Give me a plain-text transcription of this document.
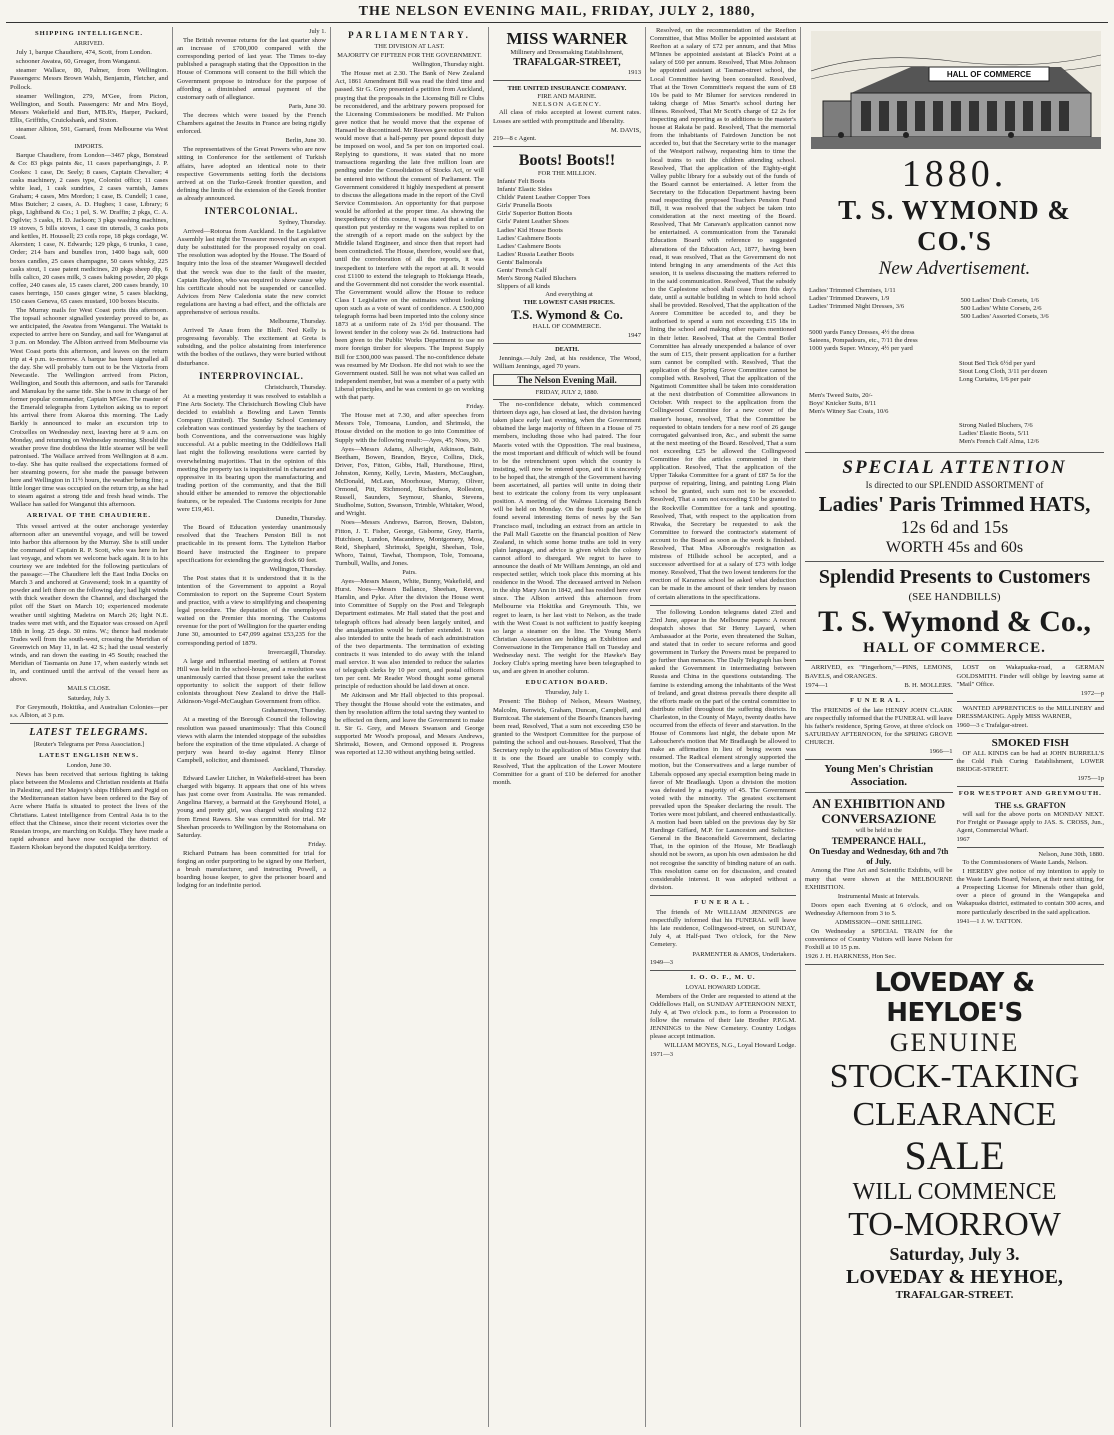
THE NELSON EVENING MAIL, FRIDAY, JULY 2, 1880,
SHIPPING INTELLIGENCE.
ARRIVED.

July 1, barque Chaudiere, 474, Scott, from London.

schooner Awatea, 60, Greager, from Wanganui.

steamer Wallace, 80, Palmer, from Wellington. Passengers: Messrs Brown Walsh, Benjamin, Fletcher, and Pollock.

steamer Wellington, 279, M'Gee, from Picton, Wellington, and South. Passengers: Mr and Mrs Boyd, Messrs Wakefield and Burt, M'B.R's, Harper, Packard, Ellis, Griffiths, Cruickshank, and Sixton.

steamer Albion, 591, Garrard, from Melbourne via West Coast.

IMPORTS.

Barque Chaudiere, from London—3467 pkgs, Bonstead & Co: 83 pkgs paints &c, 11 cases paperhangings, J. P. Cookes: 1 case, Dr. Seely; 8 cases, Captain Chevalier; 4 casks machinery, 2 cases type, Colonist office; 11 cases white lead, 1 cask sundries, 2 cases varnish, James Graham; 4 cases, Mrs Mordon; 1 case, B. Cundell; 1 case, Miss Butcher; 2 cases, A. D. Hughes; 1 case, Library; 6 pkgs, Lightband & Co.; 1 pel, S. W. Draffin; 2 pkgs, C. A. Ogilvie; 3 casks, H. D. Jackson; 3 pkgs washing machines, 19 stoves, 5 bills stoves, 1 case tin utensils, 3 casks pots and kettles, H. Houssell; 23 coils rope, 18 pkgs cordage, W. Akersten; 1 case, N. Edwards; 129 pkgs, 6 trunks, 1 case, Order; 214 bars and bundles iron, 1400 bags salt, 600 boxes candles, 25 cases champagne, 50 cases whisky, 225 casks stout, 1 case patent medicines, 20 pkgs sheep dip, 6 bills calico, 20 cases milk, 3 cases baking powder, 20 pkgs coffee, 240 cases ale, 15 cases claret, 200 cases brandy, 10 cases herrings, 150 cases ginger wine, 5 cases blacking, 150 cases Geneva, 65 cases mustard, 100 boxes biscuits.

The Murray mails for West Coast ports this afternoon. The topsail schooner signalled yesterday proved to be, as we anticipated, the Awatea from Wanganui. The Waitaki is expected to arrive here on Sunday, and sail for Wanganui at 3 p.m. on Monday. The Albion arrived from Melbourne via West Coast ports this afternoon, and leaves on the return trip at 4 p.m. to-morrow. A barque has been signalled all the day. She will probably turn out to be the Victoria from Newcastle. The Wellington arrived from Picton, Wellington, and South this afternoon, and sails for Taranaki and Manukau by the same tide. She is now in charge of her former popular commander, Captain M'Gee. The master of the Emerald telegraphs from Lyttelton asking us to report his arrival there from Akaroa this morning. The Lady Barkly is announced to make an excursion trip to Croixelles on Wednesday next, leaving here at 9 a.m. on Monday, and returning on Wednesday morning. Should the weather prove fine doubtless the little steamer will be well patronised. The Wallace arrived from Wellington at 8 a.m. to-day. She has quite realised the expectations formed of her steaming powers, for she made the passage between here and Wellington in 11½ hours, the weather being fine; a little longer time was occupied on the return trip, as she had to steam against a strong tide and fresh head winds. The Wallace has sailed for Wanganui this afternoon.

ARRIVAL OF THE CHAUDIERE.

This vessel arrived at the outer anchorage yesterday afternoon after an uneventful voyage, and will be towed into harbor this afternoon by the Murray. She is still under the command of Captain R. P. Scott, who was here in her last voyage, and whom we welcome back again. It is to his courtesy we are indebted for the following particulars of the passage:—The Chaudiere left the East India Docks on March 3 and anchored at Gravesend; took in a quantity of powder and left there on the following day; had light winds with thick weather down the Channel, and discharged the pilot off the Start on March 10; experienced moderate weather until sighting Madeira on March 26; light N.E. trades were met with, and the Equator was crossed on April 18th in long. 25 degs. 30 mins. W.; thence had moderate Trades well from the south-west, crossing the Meridian of Greenwich on May 11, in lat. 42 S.; had the usual westerly winds, and ran down the easting in 45 South; reached the Meridian of Tasmania on June 17, when easterly winds set in, and continued until the arrival of the vessel here as above.

MAILS CLOSE.
Saturday, July 3.

For Greymouth, Hokitika, and Australian Colonies—per s.s. Albion, at 3 p.m.

LATEST TELEGRAMS.
[Reuter's Telegrams per Press Association.]
LATEST ENGLISH NEWS.
London, June 30.

News has been received that serious fighting is taking place between the Moslems and Christian residents at Haifa in Palestine, and Her Majesty's ships Hibbern and Pegid on the Mediterranean station have been ordered to the Bay of Acre where Haifa is situated to protect the lives of the Christians. Latest intelligence from Central Asia is to the effect that the Chinese, since their recent victories over the Russian troops, are marching on Kuldja. They have made a rapid advance and have now occupied the district of Eastern Khokan beyond the disputed Kuldja territory.

July 1.

The British revenue returns for the last quarter show an increase of £700,000 compared with the corresponding period of last year. The Times to-day published a paragraph stating that the Opposition in the House of Commons will consent to the Bill which the Government propose to introduce for the purpose of affording a diminished annual payment of the customary oath of allegiance.

Paris, June 30.

The decrees which were issued by the French Chambers against the Jesuits in France are being rigidly enforced.

Berlin, June 30.

The representatives of the Great Powers who are now sitting in Conference for the settlement of Turkish affairs, have adopted an identical note to their respective Governments setting forth the decisions arrived at on the Turko-Greek frontier question, and defining the limits of the extension of the Greek frontier as already announced.

INTERCOLONIAL.
Sydney, Thursday.

Arrived—Rotorua from Auckland. In the Legislative Assembly last night the Treasurer moved that an export duty be substituted for the proposed royalty on coal. The resolution was adopted by the House. The Board of Inquiry into the loss of the steamer Waugawell decided that the wreck was due to the fault of the master, Captain Bayldon, who was required to show cause why his certificate should not be suspended or cancelled. Advices from New Caledonia state the new convict regulations are having a bad effect, and the officials are apprehensive of serious results.

Melbourne, Thursday.

Arrived Te Anau from the Bluff. Ned Kelly is progressing favorably. The excitement at Greta is subsiding, and the police abstaining from interference with the bodies of the outlaws, they were buried without disturbance.

INTERPROVINCIAL.
Christchurch, Thursday.

At a meeting yesterday it was resolved to establish a Fine Arts Society. The Christchurch Bowling Club have decided to establish a Bowling and Lawn Tennis Company (Limited). The Sunday School Centenary celebration was continued yesterday by the teachers of both Conventions, and the conversazione was highly successful. At a public meeting in the Oddfellows Hall last night the following resolutions were carried by overwhelming majorities. That in the opinion of this meeting the property tax is inquisitorial in character and oppressive in its bearing upon the manufacturing and trading portion of the community, and that the Bill should either be amended to remove the objectionable features, or be repealed. The Customs receipts for June were £19,461.

Dunedin, Thursday.

The Board of Education yesterday unanimously resolved that the Teachers Pension Bill is not practicable in its present form. The Lyttelton Harbor Board have instructed the Engineer to prepare specifications for extending the graving dock 60 feet.

Wellington, Thursday.

The Post states that it is understood that it is the intention of the Government to appoint a Royal Commission to report on the Supreme Court System and practice, with a view to simplifying and cheapening legal procedure. The deputation of the unemployed waited on the Premier this morning. The Customs revenue for the port of Wellington for the quarter ending June 30, amounted to £47,099 against £53,235 for the corresponding period of 1879.

Invercargill, Thursday.

A large and influential meeting of settlers at Forest Hill was held in the school-house, and a resolution was unanimously carried that those present take the earliest opportunity to solicit the support of their fellow colonists throughout New Zealand to drive the Hall-Atkinson-Vogel-McCaughan Government from office.

Grahamstown, Thursday.

At a meeting of the Borough Council the following resolution was passed unanimously: That this Council views with alarm the intended stoppage of the subsidies before the expiration of the time stipulated. A charge of perjury was heard to-day against Henry Elinor Campbell, solicitor, and dismissed.

Auckland, Thursday.

Edward Lawler Litcher, in Wakefield-street has been charged with bigamy. It appears that one of his wives has just come over from Australia. He was remanded. Angelina Harvey, a barmaid at the Greyhound Hotel, a young and pretty girl, was charged with stealing £12 from Ernest Rawes. She was committed for trial. Mr Sheehan proceeds to Wellington by the Rotomahana on Saturday.

Friday.

Richard Putnam has been committed for trial for forging an order purporting to be signed by one Herbert, a brush manufacturer, and instructing Powell, a boarding house keeper, to give the prisoner board and lodging for an indefinite period.

PARLIAMENTARY.
THE DIVISION AT LAST.
MAJORITY OF FIFTEEN FOR THE GOVERNMENT.
Wellington, Thursday night.

The House met at 2.30. The Bank of New Zealand Act, 1861 Amendment Bill was read the third time and passed. Sir G. Grey presented a petition from Auckland, praying that the proposals in the Licensing Bill re Clubs be reconsidered, and the arbitrary powers proposed for the Licensing Commissioners be modified. Mr Fulton gave notice that he would move that the expense of Hansard be discontinued. Mr Reeves gave notice that he would move that a half-penny per pound deposit duty be imposed on wool, and 5s per ton on imported coal. Replying to questions, it was stated that no more transactions regarding the late five million loan are pending under the Consolidation of Stocks Act, or will be entered into without the consent of Parliament. The Government considered it highly inexpedient at present to discuss the allegations made in the report of the Civil Service Commission. An opportunity for that purpose would be afforded at the proper time. As showing the inexpediency of this course, it was stated that a similar question put yesterday re the wagons was replied to on the strength of a report made on the subject by the Middle Island Engineer, and since then that report had been contradicted. The House, therefore, would see that, until the corroboration of all the reports, it was inexpedient to interfere with the report at all. It would cost £1100 to extend the telegraph to Hokianga Heads, and the Government did not consider the work essential. The Government would allow the House to reduce Class I Legislative on the estimates without looking upon such as a vote of want of confidence. A £500,000 telegraph forms had been imported into the colony since 1873 at a uniform rate of 2s 1½d per thousand. The lowest tender in the colony was 2s 6d. Instructions had been given to the Public Works Department to use no more foreign timber for sleepers. The Imprest Supply Bill for £300,000 was passed. The no-confidence debate was resumed by Mr Dodson. He did not wish to see the Government ousted. Still he was not what was called an independent member, but was a member of a party with Liberal principles, and he was content to go on working with that party.

Friday.

The House met at 7.30, and after speeches from Messrs Tole, Tomoana, Lundon, and Shrimski, the House divided on the motion to go into Committee of Supply with the following result:—Ayes, 45; Noes, 30.

Ayes—Messrs Adams, Allwright, Atkinson, Bain, Beetham, Bowen, Brandon, Bryce, Collins, Dick, Driver, Fox, Fitton, Gibbs, Hall, Hursthouse, Hirst, Johnston, Kenny, Kelly, Levin, Masters, McCaughan, McDonald, McLean, Moorhouse, Murray, Oliver, Ormond, Pitt, Richmond, Richardson, Rolleston, Russell, Saunders, Seymour, Shanks, Stevens, Studholme, Sutton, Swanson, Trimble, Whitaker, Wood, and Wright.

Noes—Messrs Andrews, Barron, Brown, Dalston, Fitton, J. T. Fisher, George, Gisborne, Grey, Harris, Hutchison, Lundon, Macandrew, Montgomery, Moss, Reid, Shephard, Shrimski, Speight, Sheehan, Tole, Whoro, Tainui, Tawhai, Thompson, Tole, Tomoana, Turnbull, Wallis, and Jones.

Pairs.

Ayes—Messrs Mason, White, Bunny, Wakefield, and Hurst. Noes—Messrs Ballance, Sheehan, Reeves, Hamlin, and Pyke. After the division the House went into Committee of Supply on the Post and Telegraph Department estimates. Mr Hall stated that the post and telegraph offices had already been largely united, and the amalgamation would be further extended. It was also intended to unite the heads of each administration of the two departments. The termination of existing contracts it was intended to do away with the inland mail service. It was also intended to reduce the salaries of telegraph clerks by 10 per cent, and postal officers ten per cent. Mr Reader Wood thought some general principle of reduction should be laid down at once.

Mr Atkinson and Mr Hall objected to this proposal. They thought the House should vote the estimates, and then by resolution affirm the total saving they wanted to be effected on them, and leave the Government to make it. Sir G. Grey, and Messrs Swanson and George supported Mr Wood's proposal, and Messrs Andrews, Shrimski, Bowen, and Ormond opposed it. Progress was reported at 12.30 without anything being settled.

MISS WARNER
Millinery and Dressmaking Establishment,
TRAFALGAR-STREET,
1913
THE UNITED INSURANCE COMPANY.
FIRE AND MARINE.
NELSON AGENCY.

All class of risks accepted at lowest current rates. Losses are settled with promptitude and liberality.

M. DAVIS,
219—8 c Agent.
Boots! Boots!!
FOR THE MILLION.
Infants' Felt Boots
Infants' Elastic Sides
Childs' Patent Leather Copper Toes
Girls' Prunella Boots
Girls' Superior Button Boots
Girls' Patent Leather Shoes
Ladies' Kid House Boots
Ladies' Cashmere Boots
Ladies' Cashmere Boots
Ladies' Russia Leather Boots
Gents' Balmorals
Gents' French Calf
Men's Strong Nailed Bluchers
Slippers of all kinds
And everything at
THE LOWEST CASH PRICES.
T.S. Wymond & Co.
HALL OF COMMERCE.
1947
DEATH.

Jennings.—July 2nd, at his residence, The Wood, William Jennings, aged 70 years.

The Nelson Evening Mail.
FRIDAY, JULY 2, 1880.

The no-confidence debate, which commenced thirteen days ago, has closed at last, the division having taken place early last evening, when the Government obtained the large majority of fifteen in a House of 75 members, including those who had paired. The four Maoris voted with the Opposition. The real business, the most important and difficult of which will be found to be the retrenchment upon which the country is insisting, will now be entered upon, and it is sincerely to be hoped that, the strength of the Government having been ascertained, all parties will unite in doing their best to extricate the colony from its very unpleasant position. A meeting of the Walmea Licensing Bench will be held on Monday. On the fourth page will be found several interesting items of news by the San Francisco mail, including an extract from an article in the Pall Mall Gazette on the financial position of New Zealand, in which some home truths are told in very plain language, and advice is given which the colony cannot afford to disregard. We regret to have to announce the death of Mr William Jennings, an old and respected settler, which took place this morning at his residence in the Wood. The deceased arrived in Nelson in the ship Mary Ann in 1842, and has resided here ever since. The Albion arrived this afternoon from Melbourne via Hokitika and Greymouth. This, we regret to learn, is her last visit to Nelson, as the trade with the West Coast is not sufficient to justify keeping so large a steamer on the line. The Young Men's Christian Association are holding an Exhibition and Conversazione in the Temperance Hall on Tuesday and Wednesday next. The weight for the Hawke's Bay Jockey Club's spring meeting have been telegraphed to us, and are given in another column.

EDUCATION BOARD.
Thursday, July 1.

Present: The Bishop of Nelson, Messrs Wastney, Malcolm, Renwick, Graham, Duncan, Campbell, and Burnicoat. The statement of the Board's finances having been read, Resolved, That a sum not exceeding £50 be granted to the Westport Committee for the purpose of painting the school and out-houses. Resolved, That the Secretary reply to the application of Miss Coventry that it is one the Board are unable to comply with. Resolved, That the application of the Lower Moutere Committee for a grant of £10 be deferred for another month.

Resolved, on the recommendation of the Reefton Committee, that Miss Moller be appointed assistant at Reefton at a salary of £72 per annum, and that Miss M'Innes be appointed assistant at Black's Point at a salary of £60 per annum. Resolved, That Miss Johnson be appointed assistant at Tasman-street school, the Local Committee having been consulted. Resolved, That at the Town Committee's request the sum of £8 10s be paid to Mr Blumer for services rendered in taking charge of Miss Smart's school during her illness. Resolved, That Mr Scott's charge of £2 2s for inspecting and reporting as to additions to the master's house at Rakaia be paid. Resolved, That the memorial from the inhabitants of Fairdown Junction be not acceded to, but that the Secretary write to the manager of the Westport railway, requesting him to time the local trains to suit the children attending school. Resolved, That the application of the Eighty-eight Valley public library for a subsidy out of the funds of the Board cannot be entertained. A letter from the Secretary to the Education Department having been read respecting the proposed Teachers Pension Fund Bill, it was resolved that the subject be taken into consideration at the next meeting of the Board. Resolved, That Mr Canavan's application cannot now be entertained. A communication from the Taranaki Education Board with reference to suggested alterations of the Education Act, 1877, having been read, it was resolved, That as the Government do not intend bringing in any amendments of the Act this session, it is useless discussing the matters referred to in the said communication. Resolved, That the subsidy to the Caplestone school shall cease from this day's date, until a suitable building in which to hold school shall be provided. Resolved, That the application of the Aorere Committee be acceded to, and they be authorised to spend a sum not exceeding £15 18s in lining the school and making other repairs mentioned in their letter. Resolved, That at the Central Boiler Committee has already unexpended a balance of over the sum of £15, their present application for a further sum cannot be complied with. Resolved, That the application of the Spring Grove Committee cannot be complied with. Resolved, That the application of the Ngatimoti Committee shall be taken into consideration at the next distribution of Committee allowances in October. With respect to the application from the Collingwood Committee for a new cover of the master's house, resolved, That the Committee be requested to obtain tenders for a new roof of 26 gauge corrugated galvanised iron, &c., and submit the same at the next meeting of the Board. Resolved, That a sum not exceeding £25 be allowed the Collingwood Committee for the articles commented in their application. Resolved, That the application of the Upper Takaka Committee for a grant of £87 5s for the purpose of repairing, lining, and painting Long Plain school be granted, such sum not to be exceeded. Resolved, That a sum not exceeding £10 be granted to the Rockville Committee for a tank and spouting. Resolved, That, with respect to the application from Riwaka, the Secretary be requested to ask the Committee to forward the contractor's statement of account to the Board as soon as the work is finished. Resolved, That Miss Alborough's resignation as mistress of Hillside school be accepted, and a successor advertised for at a salary of £73 with lodge money. Resolved, That the two lowest tenderers for the erection of Karamea school be asked what deduction can be made in the amount of their tenders by reason of certain alterations in the specifications.

The following London telegrams dated 23rd and 23rd June, appear in the Melbourne papers: A recent despatch shows that Sir Henry Layard, when Ambassador at the Porte, even threatened the Sultan, and stated that in order to secure reforms and good government in Turkey the Powers must be prepared to go further than menaces. The Daily Telegraph has been asked the Government in intermediating between Russia and China in the questions outstanding. The famine is extending among the inhabitants of the West of Ireland, and great distress prevails there despite all the efforts made on the part of the central committee to distribute relief throughout the suffering districts. In Charleston, in the County of Mayo, twenty deaths have occurred from the effects of fever and starvation. In the House of Commons last night, the debate upon Mr Labouchere's motion that Mr Bradlaugh be allowed to make an affirmation in lieu of being sworn was resumed. The Radical element strongly supported the motion, but the Conservatives and a large number of Liberals opposed any special exemption being made in favor of Mr Bradlaugh. Upon a division the motion was defeated by a majority of 45. The Government voted with the minority. The greatest excitement prevailed upon the Speaker declaring the result. The Tories were most jubilant, and cheered enthusiastically. A motion had been tabled on the previous day by Sir Hardinge Giffard, M.P. for Launceston and Solicitor-General in the Beaconsfield Government, declaring That, in the opinion of the House, Mr Bradlaugh should not be sworn, as upon his own admission he did not recognise the sanctity of binding nature of an oath. This resolution came on for discussion, and created considerable interest. It was adopted without a division.

FUNERAL.

The friends of Mr WILLIAM JENNINGS are respectfully informed that his FUNERAL will leave his late residence, Collingwood-street, on SUNDAY, July 4, at Half-past Two o'clock, for the New Cemetery.

PARMENTER & AMOS, Undertakers.
1949—3
I. O. O. F., M. U.
LOYAL HOWARD LODGE.

Members of the Order are requested to attend at the Oddfellows Hall, on SUNDAY AFTERNOON NEXT, July 4, at Two o'clock p.m., to form a Procession to follow the remains of their late Brother P.P.G.M. JENNINGS to the New Cemetery. Country Lodges please accept intimation.

WILLIAM MOYES, N.G., Loyal Howard Lodge.
1971—3
HALL OF COMMERCE
1880.
T. S. WYMOND & CO.'S
New Advertisement.
Ladies' Trimmed Chemises, 1/11
Ladies' Trimmed Drawers, 1/9
Ladies' Trimmed Night Dresses, 3/6
500 Ladies' Drab Corsets, 1/6
500 Ladies' White Corsets, 2/6
500 Ladies' Assorted Corsets, 3/6
5000 yards Fancy Dresses, 4½ the dress
Sateens, Pompadours, etc., 7/11 the dress
1000 yards Super. Wincey, 4½ per yard
Stout Bed Tick 6½d per yard
Stout Long Cloth, 3/11 per dozen
Long Curtains, 1/6 per pair
Men's Tweed Suits, 20/-
Boys' Knicker Suits, 8/11
Men's Witney Sac Coats, 10/6
Strong Nailed Bluchers, 7/6
Ladies' Elastic Boots, 5/11
Men's French Calf Alma, 12/6
SPECIAL ATTENTION
Is directed to our SPLENDID ASSORTMENT of
Ladies' Paris Trimmed HATS,
12s 6d and 15s
WORTH 45s and 60s
Splendid Presents to Customers
(SEE HANDBILLS)
T. S. Wymond & Co.,
HALL OF COMMERCE.

ARRIVED, ex "Fingerhorn,"—PINS, LEMONS, BAVELS, and ORANGES.

1974—1	B. H. MOLLERS.
FUNERAL.

The FRIENDS of the late HENRY JOHN CLARK are respectfully informed that the FUNERAL will leave his father's residence, Spring Grove, at three o'clock on SATURDAY AFTERNOON, for the SPRING GROVE CHURCH.

1966—1
Young Men's Christian Association.
AN EXHIBITION AND CONVERSAZIONE
will be held in the
TEMPERANCE HALL,
On Tuesday and Wednesday, 6th and 7th of July.

Among the Fine Art and Scientific Exhibits, will be many that were shown at the MELBOURNE EXHIBITION.

Instrumental Music at Intervals.

Doors open each Evening at 6 o'clock, and on Wednesday Afternoon from 3 to 5.

ADMISSION—ONE SHILLING.

On Wednesday a SPECIAL TRAIN for the convenience of Country Visitors will leave Nelson for Foxhill at 10 15 p.m.

1926 J. H. HARKNESS, Hon Sec.

LOST on Wakapuaka-road, a GERMAN GOLDSMITH. Finder will oblige by leaving same at "Mail" Office.

1972—p

WANTED APPRENTICES to the MILLINERY and DRESSMAKING. Apply MISS WARNER,

1960—3 c Trafalgar-street.
SMOKED FISH

OF ALL KINDS can be had at JOHN BURRELL'S the Cold Fish Curing Establishment, LOWER BRIDGE-STREET.

1975—1p
FOR WESTPORT AND GREYMOUTH.
THE s.s. GRAFTON

will sail for the above ports on MONDAY NEXT. For Freight or Passage apply to JAS. S. CROSS, Jun., Agent, Commercial Wharf.

1967
Nelson, June 30th, 1880.

To the Commissioners of Waste Lands, Nelson.

I HEREBY give notice of my intention to apply to the Waste Lands Board, Nelson, at their next sitting, for a Prospecting License for Minerals other than gold, over a piece of ground in the Wangapeka and Wakapuaka district, estimated to contain 300 acres, and more particularly described in the said application.

1941—1 J. W. TATTON.
LOVEDAY & HEYLOE'S
GENUINE
STOCK-TAKING
CLEARANCE
SALE
WILL COMMENCE
TO-MORROW
Saturday, July 3.
LOVEDAY & HEYHOE,
TRAFALGAR-STREET.
